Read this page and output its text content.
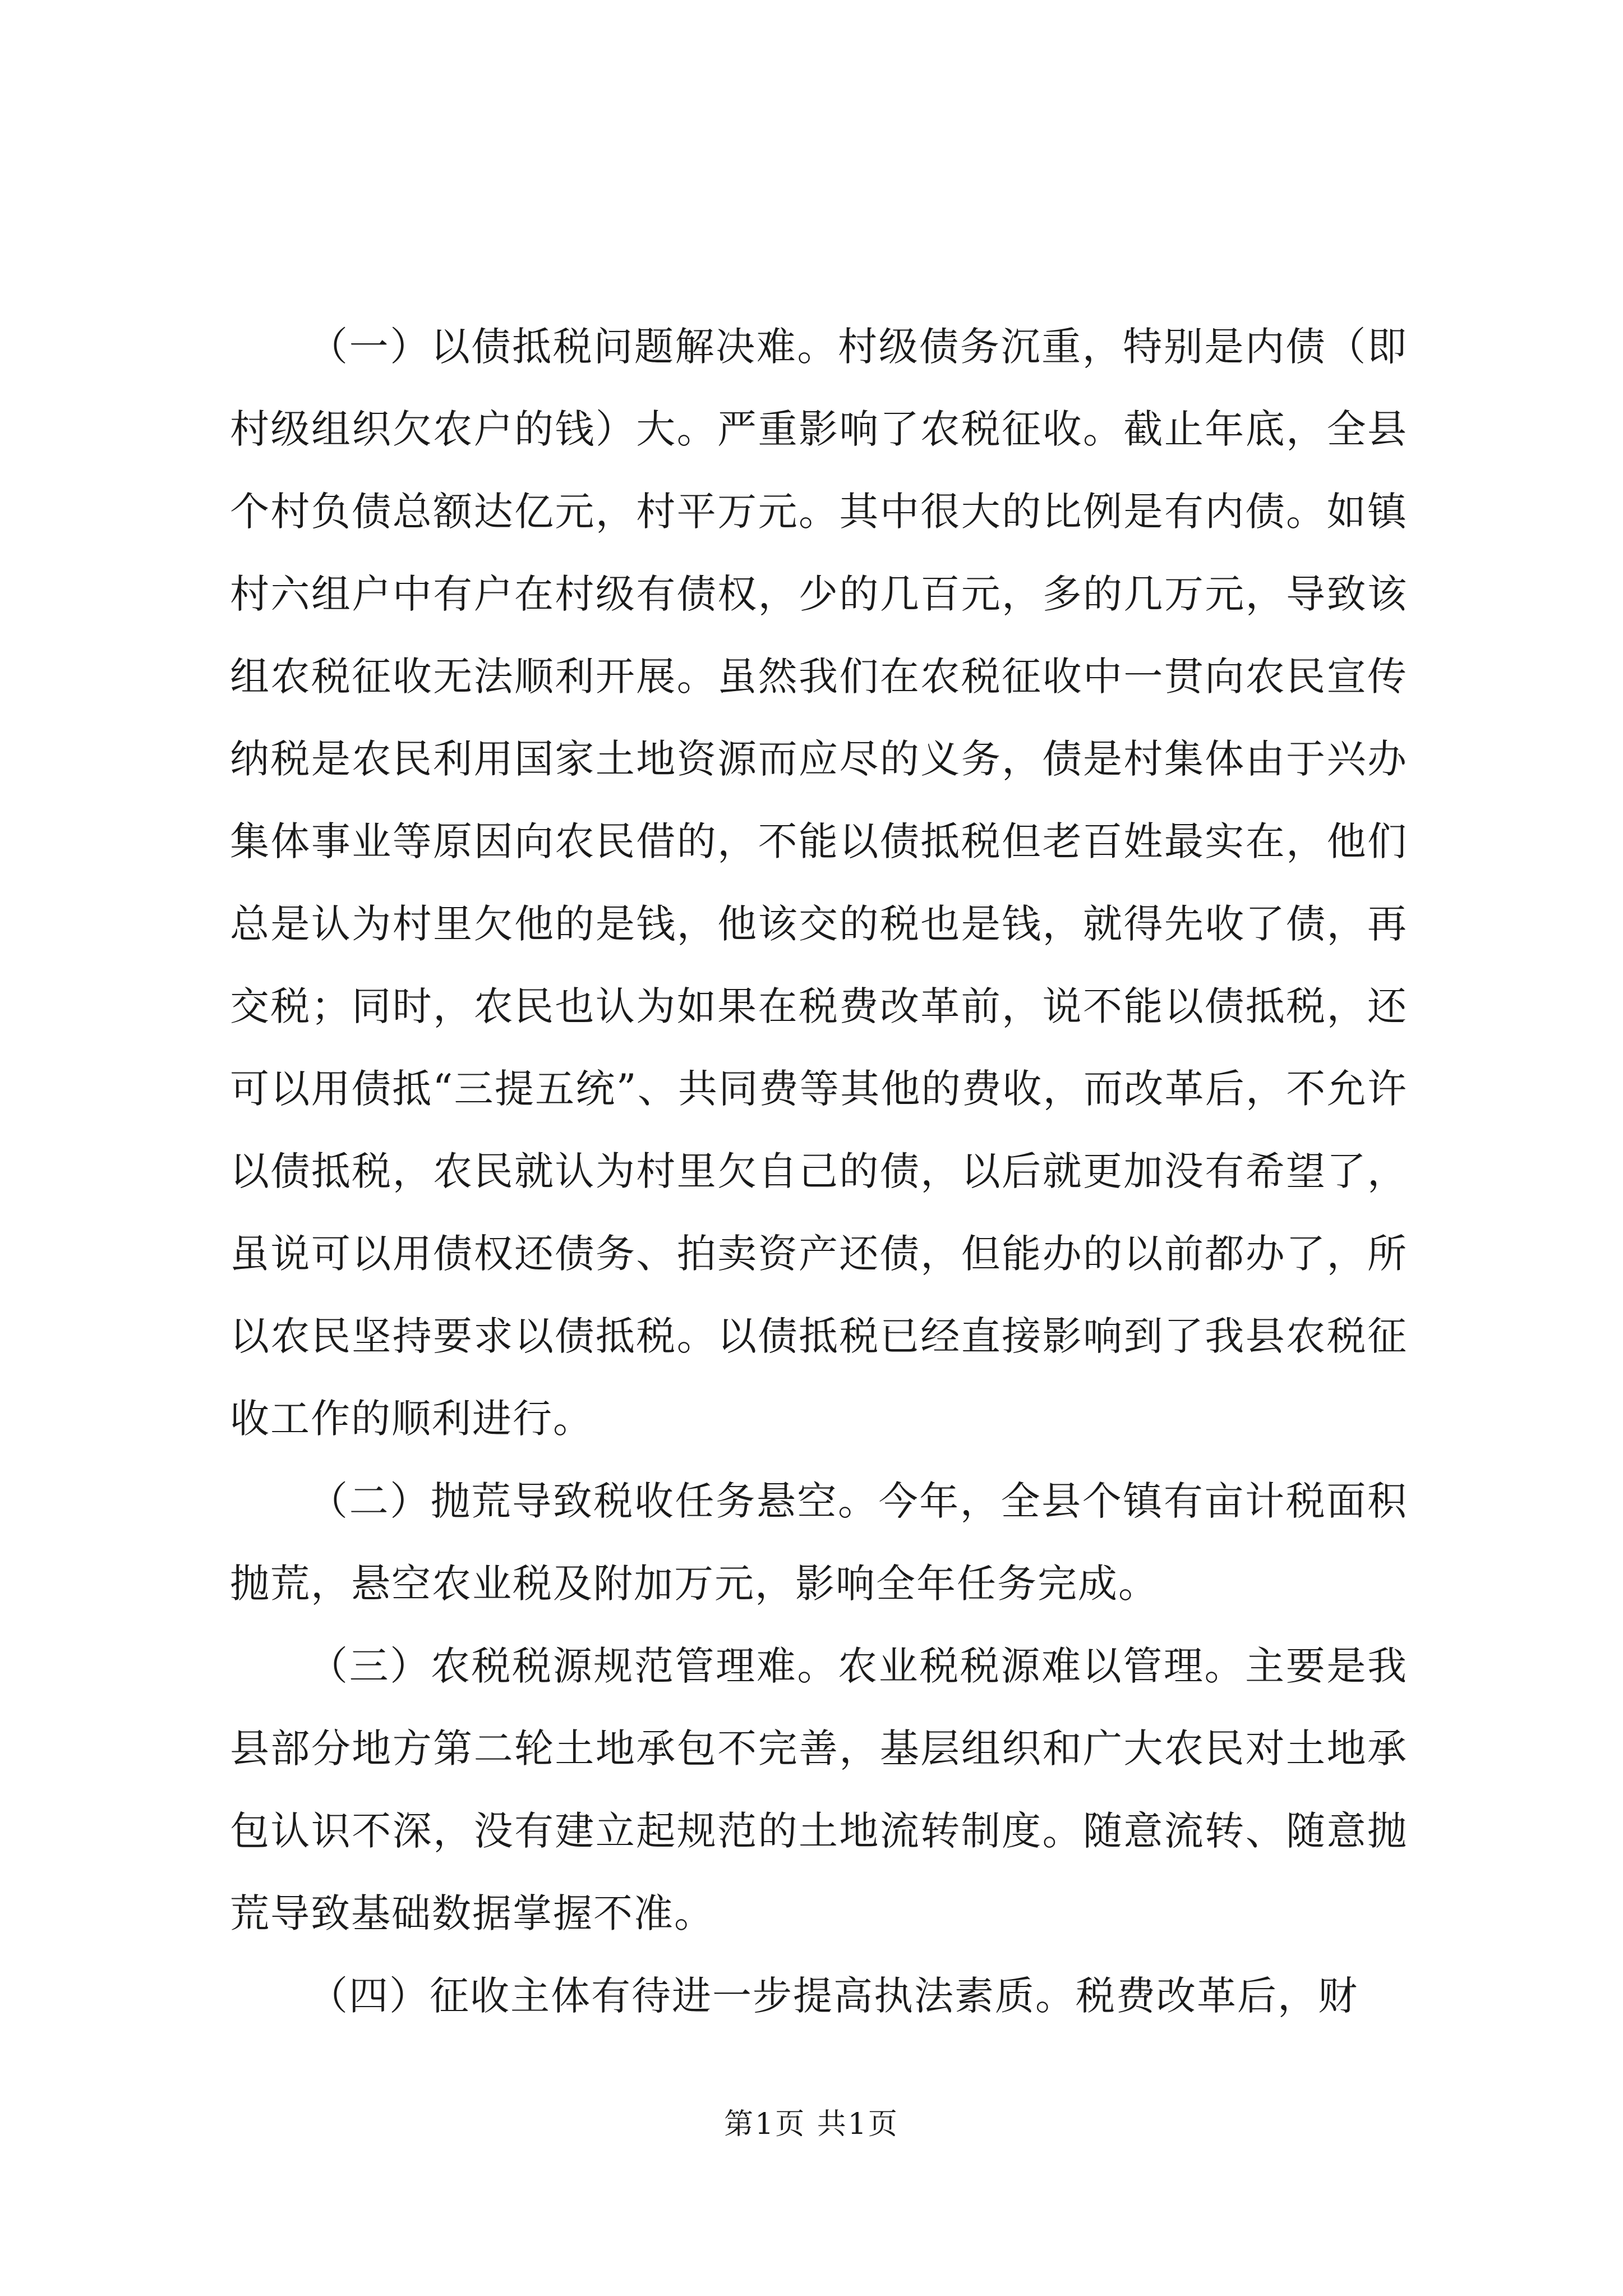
（一）以债抵税问题解决难。村级债务沉重，特别是内债（即村级组织欠农户的钱）大。严重影响了农税征收。截止年底，全县个村负债总额达亿元，村平万元。其中很大的比例是有内债。如镇村六组户中有户在村级有债权，少的几百元，多的几万元，导致该组农税征收无法顺利开展。虽然我们在农税征收中一贯向农民宣传纳税是农民利用国家土地资源而应尽的义务，债是村集体由于兴办集体事业等原因向农民借的，不能以债抵税但老百姓最实在，他们总是认为村里欠他的是钱，他该交的税也是钱，就得先收了债，再交税；同时，农民也认为如果在税费改革前，说不能以债抵税，还可以用债抵“三提五统”、共同费等其他的费收，而改革后，不允许以债抵税，农民就认为村里欠自己的债，以后就更加没有希望了，虽说可以用债权还债务、拍卖资产还债，但能办的以前都办了，所以农民坚持要求以债抵税。以债抵税已经直接影响到了我县农税征收工作的顺利进行。

（二）抛荒导致税收任务悬空。今年，全县个镇有亩计税面积抛荒，悬空农业税及附加万元，影响全年任务完成。

（三）农税税源规范管理难。农业税税源难以管理。主要是我县部分地方第二轮土地承包不完善，基层组织和广大农民对土地承包认识不深，没有建立起规范的土地流转制度。随意流转、随意抛荒导致基础数据掌握不准。

（四）征收主体有待进一步提高执法素质。税费改革后，财

第1页 共1页
